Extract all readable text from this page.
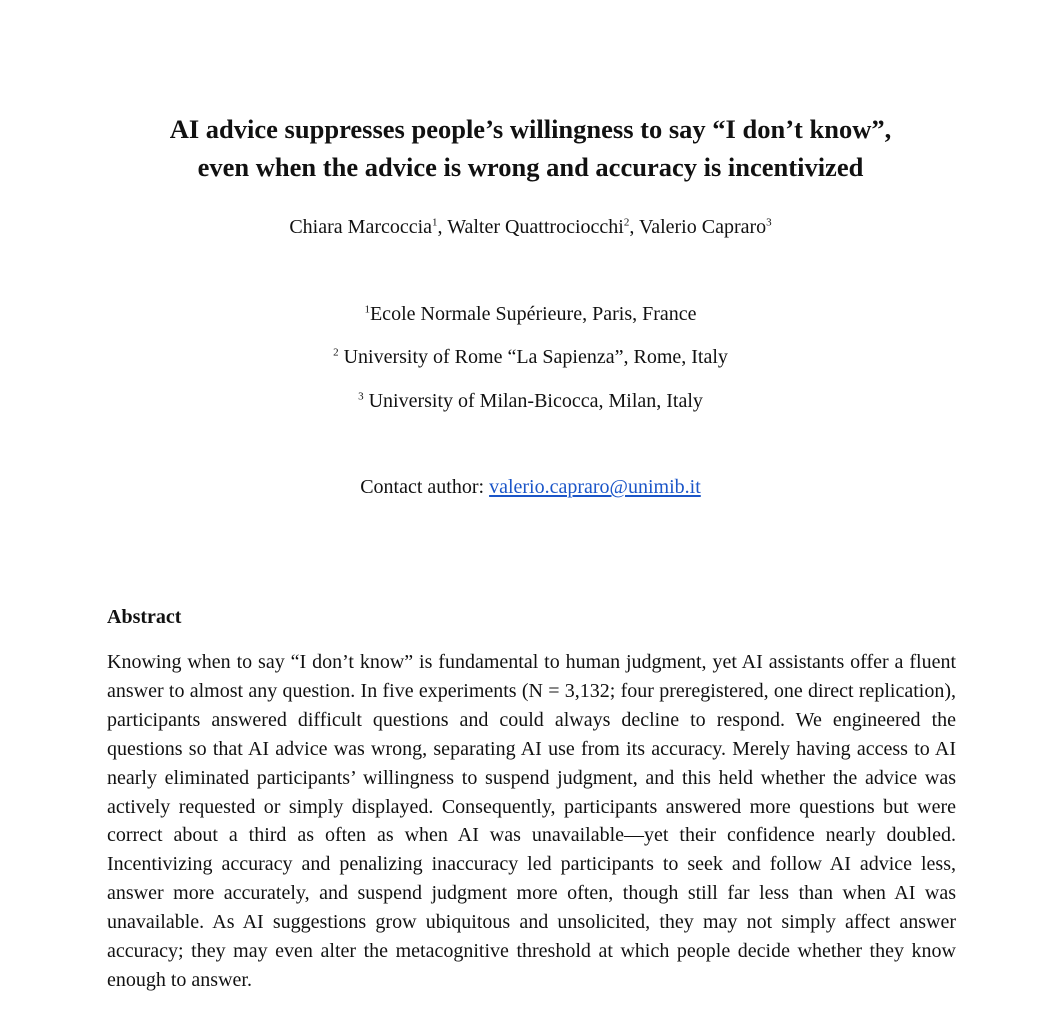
AI advice suppresses people’s willingness to say “I don’t know”,
even when the advice is wrong and accuracy is incentivized
Chiara Marcoccia$^1$, Walter Quattrociocchi$^2$, Valerio Capraro$^3$
$^1$Ecole Normale Supérieure, Paris, France
$^2$ University of Rome “La Sapienza”, Rome, Italy
$^3$ University of Milan-Bicocca, Milan, Italy
Contact author: valerio.capraro@unimib.it
Abstract

Knowing when to say “I don’t know” is fundamental to human judgment, yet AI assistants offer a fluent answer to almost any question. In five experiments (N = 3,132; four preregistered, one direct replication), participants answered difficult questions and could always decline to respond. We engineered the questions so that AI advice was wrong, separating AI use from its accuracy. Merely having access to AI nearly eliminated participants’ willingness to suspend judgment, and this held whether the advice was actively requested or simply displayed. Consequently, participants answered more questions but were correct about a third as often as when AI was unavailable—yet their confidence nearly doubled. Incentivizing accuracy and penalizing inaccuracy led participants to seek and follow AI advice less, answer more accurately, and suspend judgment more often, though still far less than when AI was unavailable. As AI suggestions grow ubiquitous and unsolicited, they may not simply affect answer accuracy; they may even alter the metacognitive threshold at which people decide whether they know enough to answer.
